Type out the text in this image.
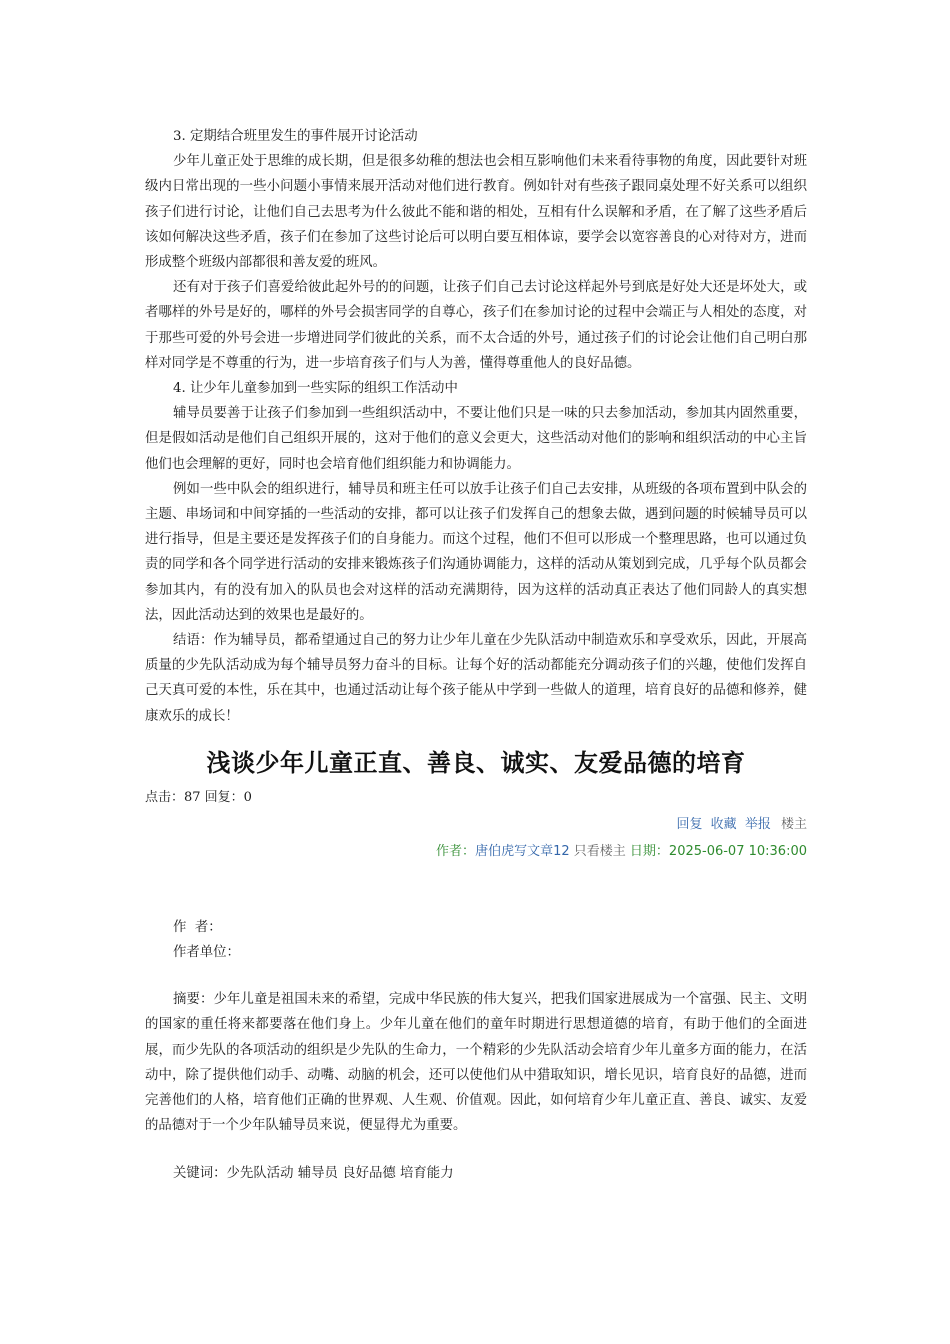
3. 定期结合班里发生的事件展开讨论活动

少年儿童正处于思维的成长期，但是很多幼稚的想法也会相互影响他们未来看待事物的角度，因此要针对班级内日常出现的一些小问题小事情来展开活动对他们进行教育。例如针对有些孩子跟同桌处理不好关系可以组织孩子们进行讨论，让他们自己去思考为什么彼此不能和谐的相处，互相有什么误解和矛盾，在了解了这些矛盾后该如何解决这些矛盾，孩子们在参加了这些讨论后可以明白要互相体谅，要学会以宽容善良的心对待对方，进而形成整个班级内部都很和善友爱的班风。

还有对于孩子们喜爱给彼此起外号的的问题，让孩子们自己去讨论这样起外号到底是好处大还是坏处大，或者哪样的外号是好的，哪样的外号会损害同学的自尊心，孩子们在参加讨论的过程中会端正与人相处的态度，对于那些可爱的外号会进一步增进同学们彼此的关系，而不太合适的外号，通过孩子们的讨论会让他们自己明白那样对同学是不尊重的行为，进一步培育孩子们与人为善，懂得尊重他人的良好品德。

4. 让少年儿童参加到一些实际的组织工作活动中

辅导员要善于让孩子们参加到一些组织活动中，不要让他们只是一味的只去参加活动，参加其内固然重要，但是假如活动是他们自己组织开展的，这对于他们的意义会更大，这些活动对他们的影响和组织活动的中心主旨他们也会理解的更好，同时也会培育他们组织能力和协调能力。

例如一些中队会的组织进行，辅导员和班主任可以放手让孩子们自己去安排，从班级的各项布置到中队会的主题、串场词和中间穿插的一些活动的安排，都可以让孩子们发挥自己的想象去做，遇到问题的时候辅导员可以进行指导，但是主要还是发挥孩子们的自身能力。而这个过程，他们不但可以形成一个整理思路，也可以通过负责的同学和各个同学进行活动的安排来锻炼孩子们沟通协调能力，这样的活动从策划到完成，几乎每个队员都会参加其内，有的没有加入的队员也会对这样的活动充满期待，因为这样的活动真正表达了他们同龄人的真实想法，因此活动达到的效果也是最好的。

结语：作为辅导员，都希望通过自己的努力让少年儿童在少先队活动中制造欢乐和享受欢乐，因此，开展高质量的少先队活动成为每个辅导员努力奋斗的目标。让每个好的活动都能充分调动孩子们的兴趣，使他们发挥自己天真可爱的本性，乐在其中，也通过活动让每个孩子能从中学到一些做人的道理，培育良好的品德和修养，健康欢乐的成长！

浅谈少年儿童正直、善良、诚实、友爱品德的培育

点击：87 回复：0

回复 收藏 举报 楼主
作者：唐伯虎写文章12 只看楼主 日期：2025-06-07 10:36:00

作  者：

作者单位：

摘要：少年儿童是祖国未来的希望，完成中华民族的伟大复兴，把我们国家进展成为一个富强、民主、文明的国家的重任将来都要落在他们身上。少年儿童在他们的童年时期进行思想道德的培育，有助于他们的全面进展，而少先队的各项活动的组织是少先队的生命力，一个精彩的少先队活动会培育少年儿童多方面的能力，在活动中，除了提供他们动手、动嘴、动脑的机会，还可以使他们从中猎取知识，增长见识，培育良好的品德，进而完善他们的人格，培育他们正确的世界观、人生观、价值观。因此，如何培育少年儿童正直、善良、诚实、友爱的品德对于一个少年队辅导员来说，便显得尤为重要。

关键词：少先队活动 辅导员 良好品德 培育能力
